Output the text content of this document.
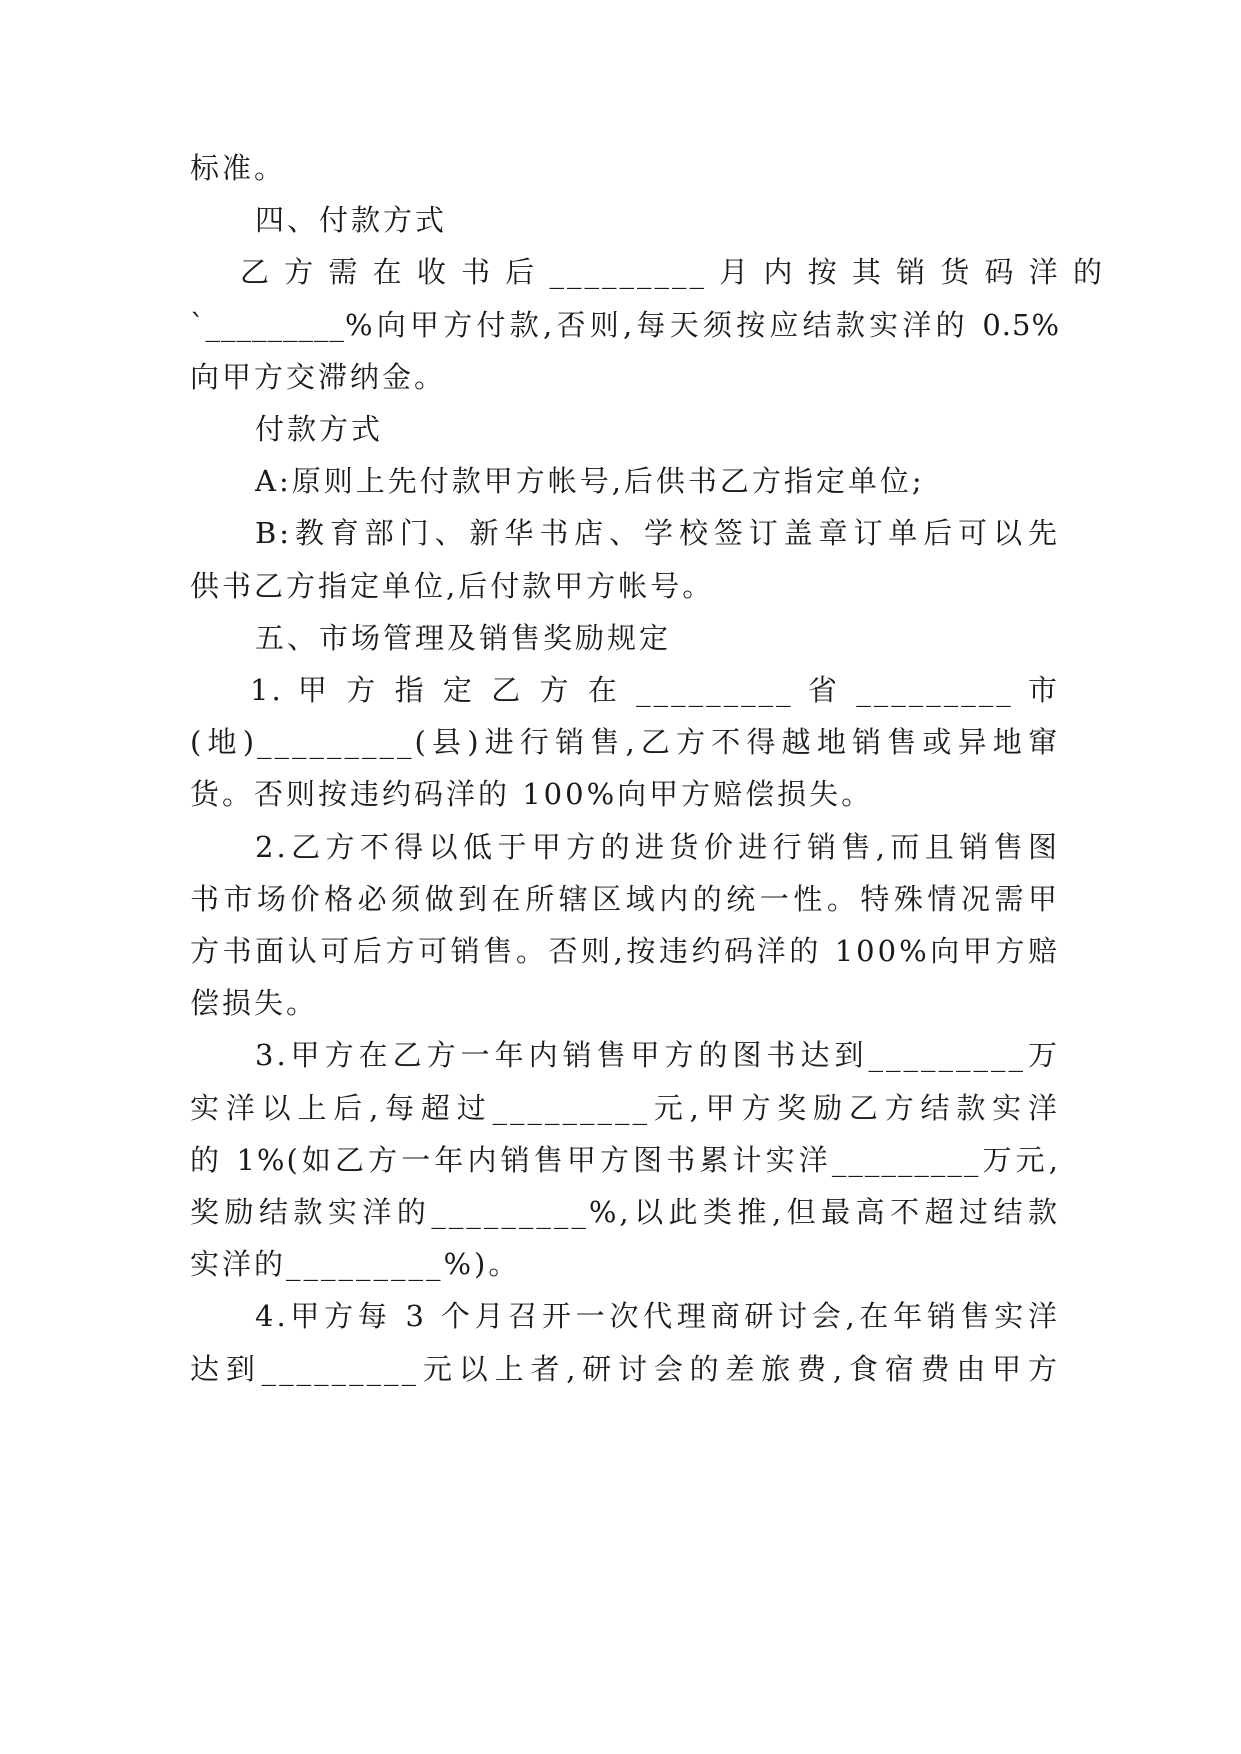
标准。
四、付款方式
乙 方 需 在 收 书 后 _________ 月 内 按 其 销 货 码 洋 的
`_________%向甲方付款,否则,每天须按应结款实洋的 0.5%
向甲方交滞纳金。
付款方式
A:原则上先付款甲方帐号,后供书乙方指定单位;
B:教育部门、新华书店、学校签订盖章订单后可以先
供书乙方指定单位,后付款甲方帐号。
五、市场管理及销售奖励规定
1. 甲 方 指 定 乙 方 在 _________ 省 _________ 市
(地)_________(县)进行销售,乙方不得越地销售或异地窜
货。否则按违约码洋的 100%向甲方赔偿损失。
2.乙方不得以低于甲方的进货价进行销售,而且销售图
书市场价格必须做到在所辖区域内的统一性。特殊情况需甲
方书面认可后方可销售。否则,按违约码洋的 100%向甲方赔
偿损失。
3.甲方在乙方一年内销售甲方的图书达到_________万
实洋以上后,每超过_________元,甲方奖励乙方结款实洋
的 1%(如乙方一年内销售甲方图书累计实洋_________万元,
奖励结款实洋的_________%,以此类推,但最高不超过结款
实洋的_________%)。
4.甲方每 3 个月召开一次代理商研讨会,在年销售实洋
达到_________元以上者,研讨会的差旅费,食宿费由甲方
